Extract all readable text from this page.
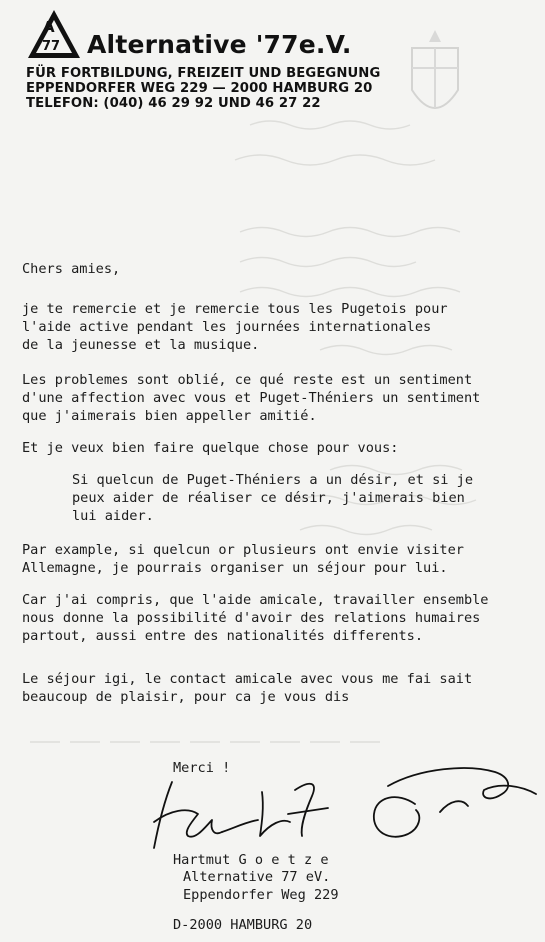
A
77 Alternative '77e.V.
FÜR FORTBILDUNG, FREIZEIT UND BEGEGNUNG
EPPENDORFER WEG 229 — 2000 HAMBURG 20
TELEFON: (040) 46 29 92 UND 46 27 22
Chers amies,
je te remercie et je remercie tous les Pugetois pour
l'aide active pendant les journées internationales
de la jeunesse et la musique.
Les problemes sont oblié, ce qué reste est un sentiment
d'une affection avec vous et Puget-Théniers un sentiment
que j'aimerais bien appeller amitié.
Et je veux bien faire quelque chose pour vous:
Si quelcun de Puget-Théniers a un désir, et si je
peux aider de réaliser ce désir, j'aimerais bien
lui aider.
Par example, si quelcun or plusieurs ont envie visiter
Allemagne, je pourrais organiser un séjour pour lui.
Car j'ai compris, que l'aide amicale, travailler ensemble
nous donne la possibilité d'avoir des relations humaires
partout, aussi entre des nationalités differents.
Le séjour igi, le contact amicale avec vous me fai sait
beaucoup de plaisir, pour ca je vous dis
Merci !
Hartmut G o e t z e
Alternative 77 eV.
Eppendorfer Weg 229
D-2000 HAMBURG 20
